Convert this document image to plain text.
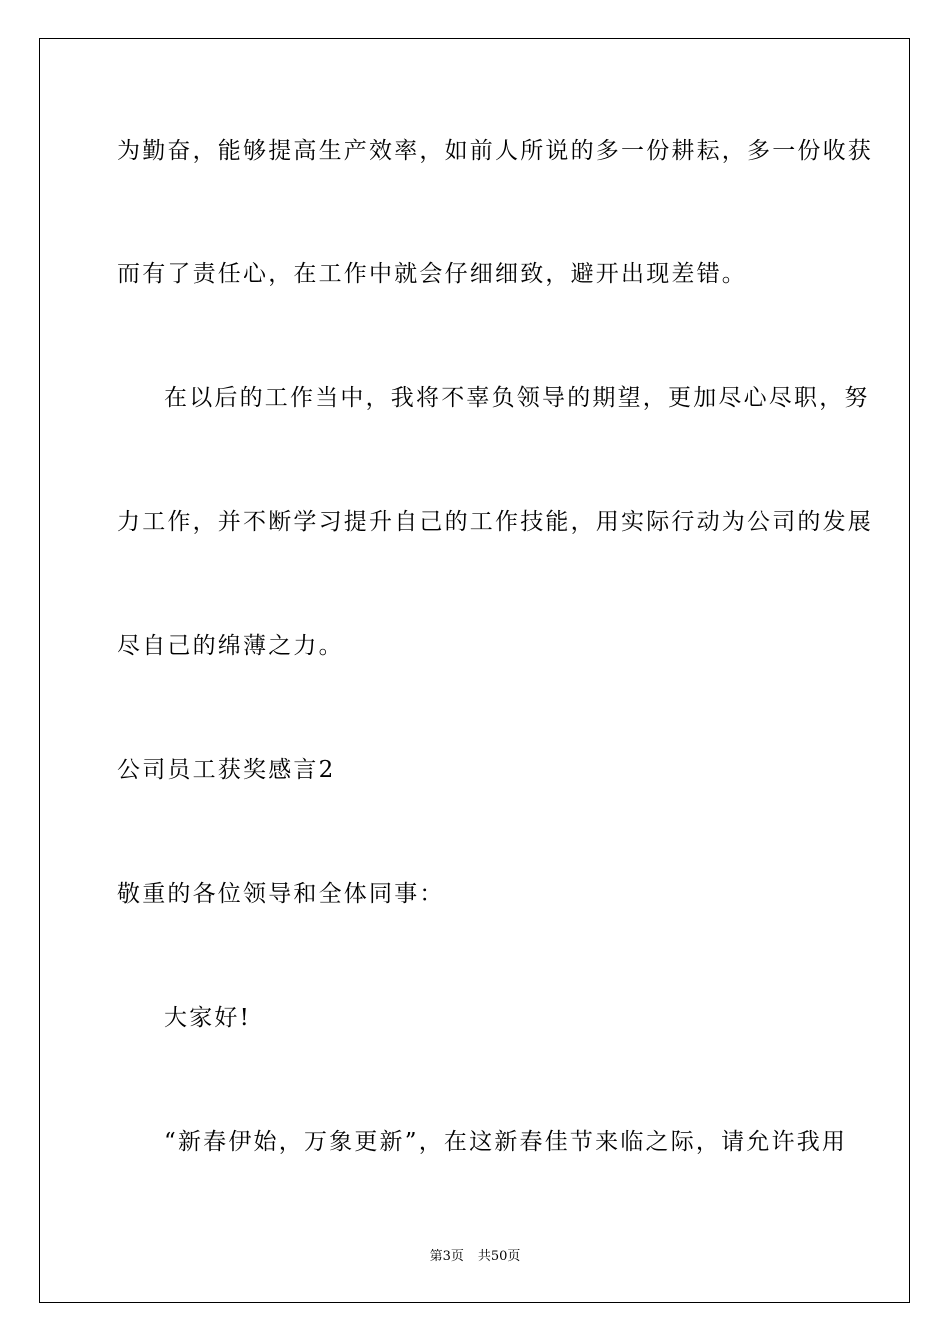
为勤奋，能够提高生产效率，如前人所说的多一份耕耘，多一份收获
而有了责任心，在工作中就会仔细细致，避开出现差错。
在以后的工作当中，我将不辜负领导的期望，更加尽心尽职，努
力工作，并不断学习提升自己的工作技能，用实际行动为公司的发展
尽自己的绵薄之力。
公司员工获奖感言2
敬重的各位领导和全体同事：
大家好!
“新春伊始，万象更新”，在这新春佳节来临之际，请允许我用
第3页 共50页
